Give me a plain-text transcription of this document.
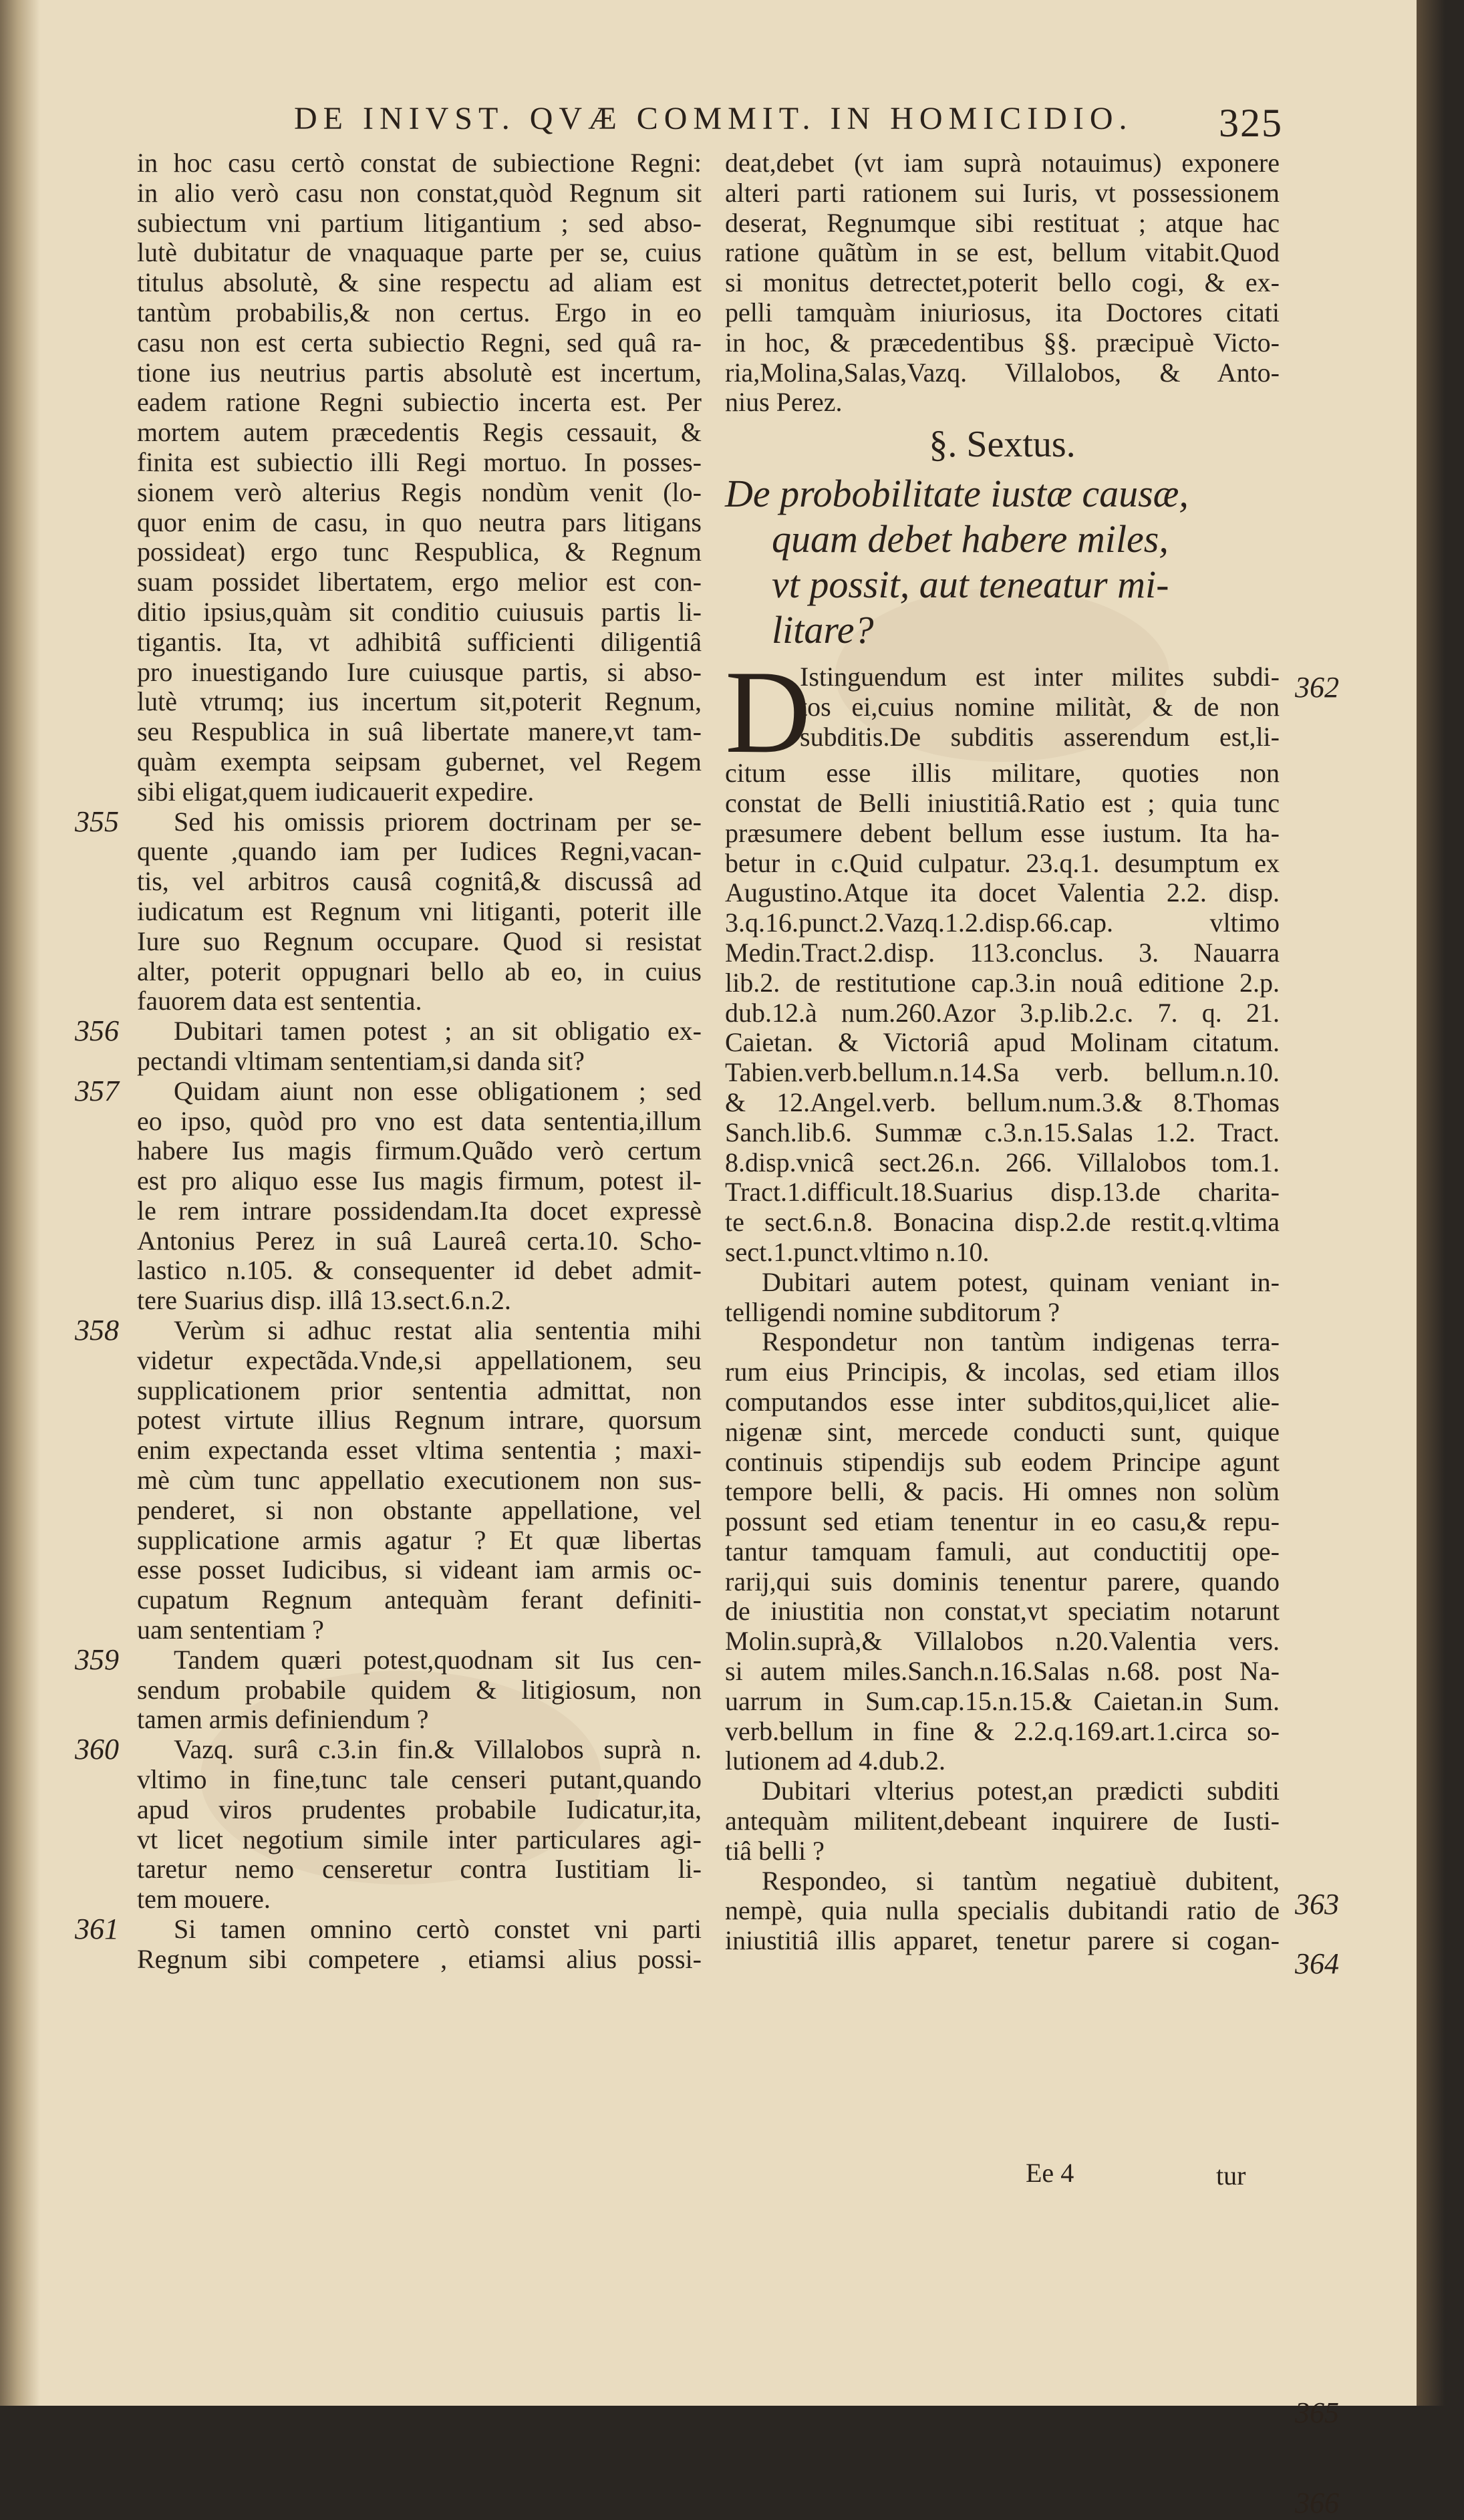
DE INIVST. QVÆ COMMIT. IN HOMICIDIO. 325
in hoc casu certò constat de subiectione Regni:
in alio verò casu non constat,quòd Regnum sit
subiectum vni partium litigantium ; sed abso-
lutè dubitatur de vnaquaque parte per se, cuius
titulus absolutè, & sine respectu ad aliam est
tantùm probabilis,& non certus. Ergo in eo
casu non est certa subiectio Regni, sed quâ ra-
tione ius neutrius partis absolutè est incertum,
eadem ratione Regni subiectio incerta est. Per
mortem autem præcedentis Regis cessauit, &
finita est subiectio illi Regi mortuo. In posses-
sionem verò alterius Regis nondùm venit (lo-
quor enim de casu, in quo neutra pars litigans
possideat) ergo tunc Respublica, & Regnum
suam possidet libertatem, ergo melior est con-
ditio ipsius,quàm sit conditio cuiusuis partis li-
tigantis. Ita, vt adhibitâ sufficienti diligentiâ
pro inuestigando Iure cuiusque partis, si abso-
lutè vtrumq; ius incertum sit,poterit Regnum,
seu Respublica in suâ libertate manere,vt tam-
quàm exempta seipsam gubernet, vel Regem
sibi eligat,quem iudicauerit expedire.
Sed his omissis priorem doctrinam per se-
quente ,quando iam per Iudices Regni,vacan-
tis, vel arbitros causâ cognitâ,& discussâ ad
iudicatum est Regnum vni litiganti, poterit ille
Iure suo Regnum occupare. Quod si resistat
alter, poterit oppugnari bello ab eo, in cuius
fauorem data est sententia.
Dubitari tamen potest ; an sit obligatio ex-
pectandi vltimam sententiam,si danda sit?
Quidam aiunt non esse obligationem ; sed
eo ipso, quòd pro vno est data sententia,illum
habere Ius magis firmum.Quãdo verò certum
est pro aliquo esse Ius magis firmum, potest il-
le rem intrare possidendam.Ita docet expressè
Antonius Perez in suâ Laureâ certa.10. Scho-
lastico n.105. & consequenter id debet admit-
tere Suarius disp. illâ 13.sect.6.n.2.
Verùm si adhuc restat alia sententia mihi
videtur expectãda.Vnde,si appellationem, seu
supplicationem prior sententia admittat, non
potest virtute illius Regnum intrare, quorsum
enim expectanda esset vltima sententia ; maxi-
mè cùm tunc appellatio executionem non sus-
penderet, si non obstante appellatione, vel
supplicatione armis agatur ? Et quæ libertas
esse posset Iudicibus, si videant iam armis oc-
cupatum Regnum antequàm ferant definiti-
uam sententiam ?
Tandem quæri potest,quodnam sit Ius cen-
sendum probabile quidem & litigiosum, non
tamen armis definiendum ?
Vazq. surâ c.3.in fin.& Villalobos suprà n.
vltimo in fine,tunc tale censeri putant,quando
apud viros prudentes probabile Iudicatur,ita,
vt licet negotium simile inter particulares agi-
taretur nemo censeretur contra Iustitiam li-
tem mouere.
Si tamen omnino certò constet vni parti
Regnum sibi competere , etiamsi alius possi-
deat,debet (vt iam suprà notauimus) exponere
alteri parti rationem sui Iuris, vt possessionem
deserat, Regnumque sibi restituat ; atque hac
ratione quãtùm in se est, bellum vitabit.Quod
si monitus detrectet,poterit bello cogi, & ex-
pelli tamquàm iniuriosus, ita Doctores citati
in hoc, & præcedentibus §§. præcipuè Victo-
ria,Molina,Salas,Vazq. Villalobos, & Anto-
nius Perez.
§. Sextus.
De probobilitate iustæ causæ,
quam debet habere miles,
vt possit, aut teneatur mi-
litare?
D
Istinguendum est inter milites subdi-
tos ei,cuius nomine militàt, & de non
subditis.De subditis asserendum est,li-
citum esse illis militare, quoties non
constat de Belli iniustitiâ.Ratio est ; quia tunc
præsumere debent bellum esse iustum. Ita ha-
betur in c.Quid culpatur. 23.q.1. desumptum ex
Augustino.Atque ita docet Valentia 2.2. disp.
3.q.16.punct.2.Vazq.1.2.disp.66.cap. vltimo
Medin.Tract.2.disp. 113.conclus. 3. Nauarra
lib.2. de restitutione cap.3.in nouâ editione 2.p.
dub.12.à num.260.Azor 3.p.lib.2.c. 7. q. 21.
Caietan. & Victoriâ apud Molinam citatum.
Tabien.verb.bellum.n.14.Sa verb. bellum.n.10.
& 12.Angel.verb. bellum.num.3.& 8.Thomas
Sanch.lib.6. Summæ c.3.n.15.Salas 1.2. Tract.
8.disp.vnicâ sect.26.n. 266. Villalobos tom.1.
Tract.1.difficult.18.Suarius disp.13.de charita-
te sect.6.n.8. Bonacina disp.2.de restit.q.vltima
sect.1.punct.vltimo n.10.
Dubitari autem potest, quinam veniant in-
telligendi nomine subditorum ?
Respondetur non tantùm indigenas terra-
rum eius Principis, & incolas, sed etiam illos
computandos esse inter subditos,qui,licet alie-
nigenæ sint, mercede conducti sunt, quique
continuis stipendijs sub eodem Principe agunt
tempore belli, & pacis. Hi omnes non solùm
possunt sed etiam tenentur in eo casu,& repu-
tantur tamquam famuli, aut conductitij ope-
rarij,qui suis dominis tenentur parere, quando
de iniustitia non constat,vt speciatim notarunt
Molin.suprà,& Villalobos n.20.Valentia vers.
si autem miles.Sanch.n.16.Salas n.68. post Na-
uarrum in Sum.cap.15.n.15.& Caietan.in Sum.
verb.bellum in fine & 2.2.q.169.art.1.circa so-
lutionem ad 4.dub.2.
Dubitari vlterius potest,an prædicti subditi
antequàm militent,debeant inquirere de Iusti-
tiâ belli ?
Respondeo, si tantùm negatiuè dubitent,
nempè, quia nulla specialis dubitandi ratio de
iniustitiâ illis apparet, tenetur parere si cogan-
355
356
357
358
359
360
361
362
363
364
365
366
Ee 4	tur
